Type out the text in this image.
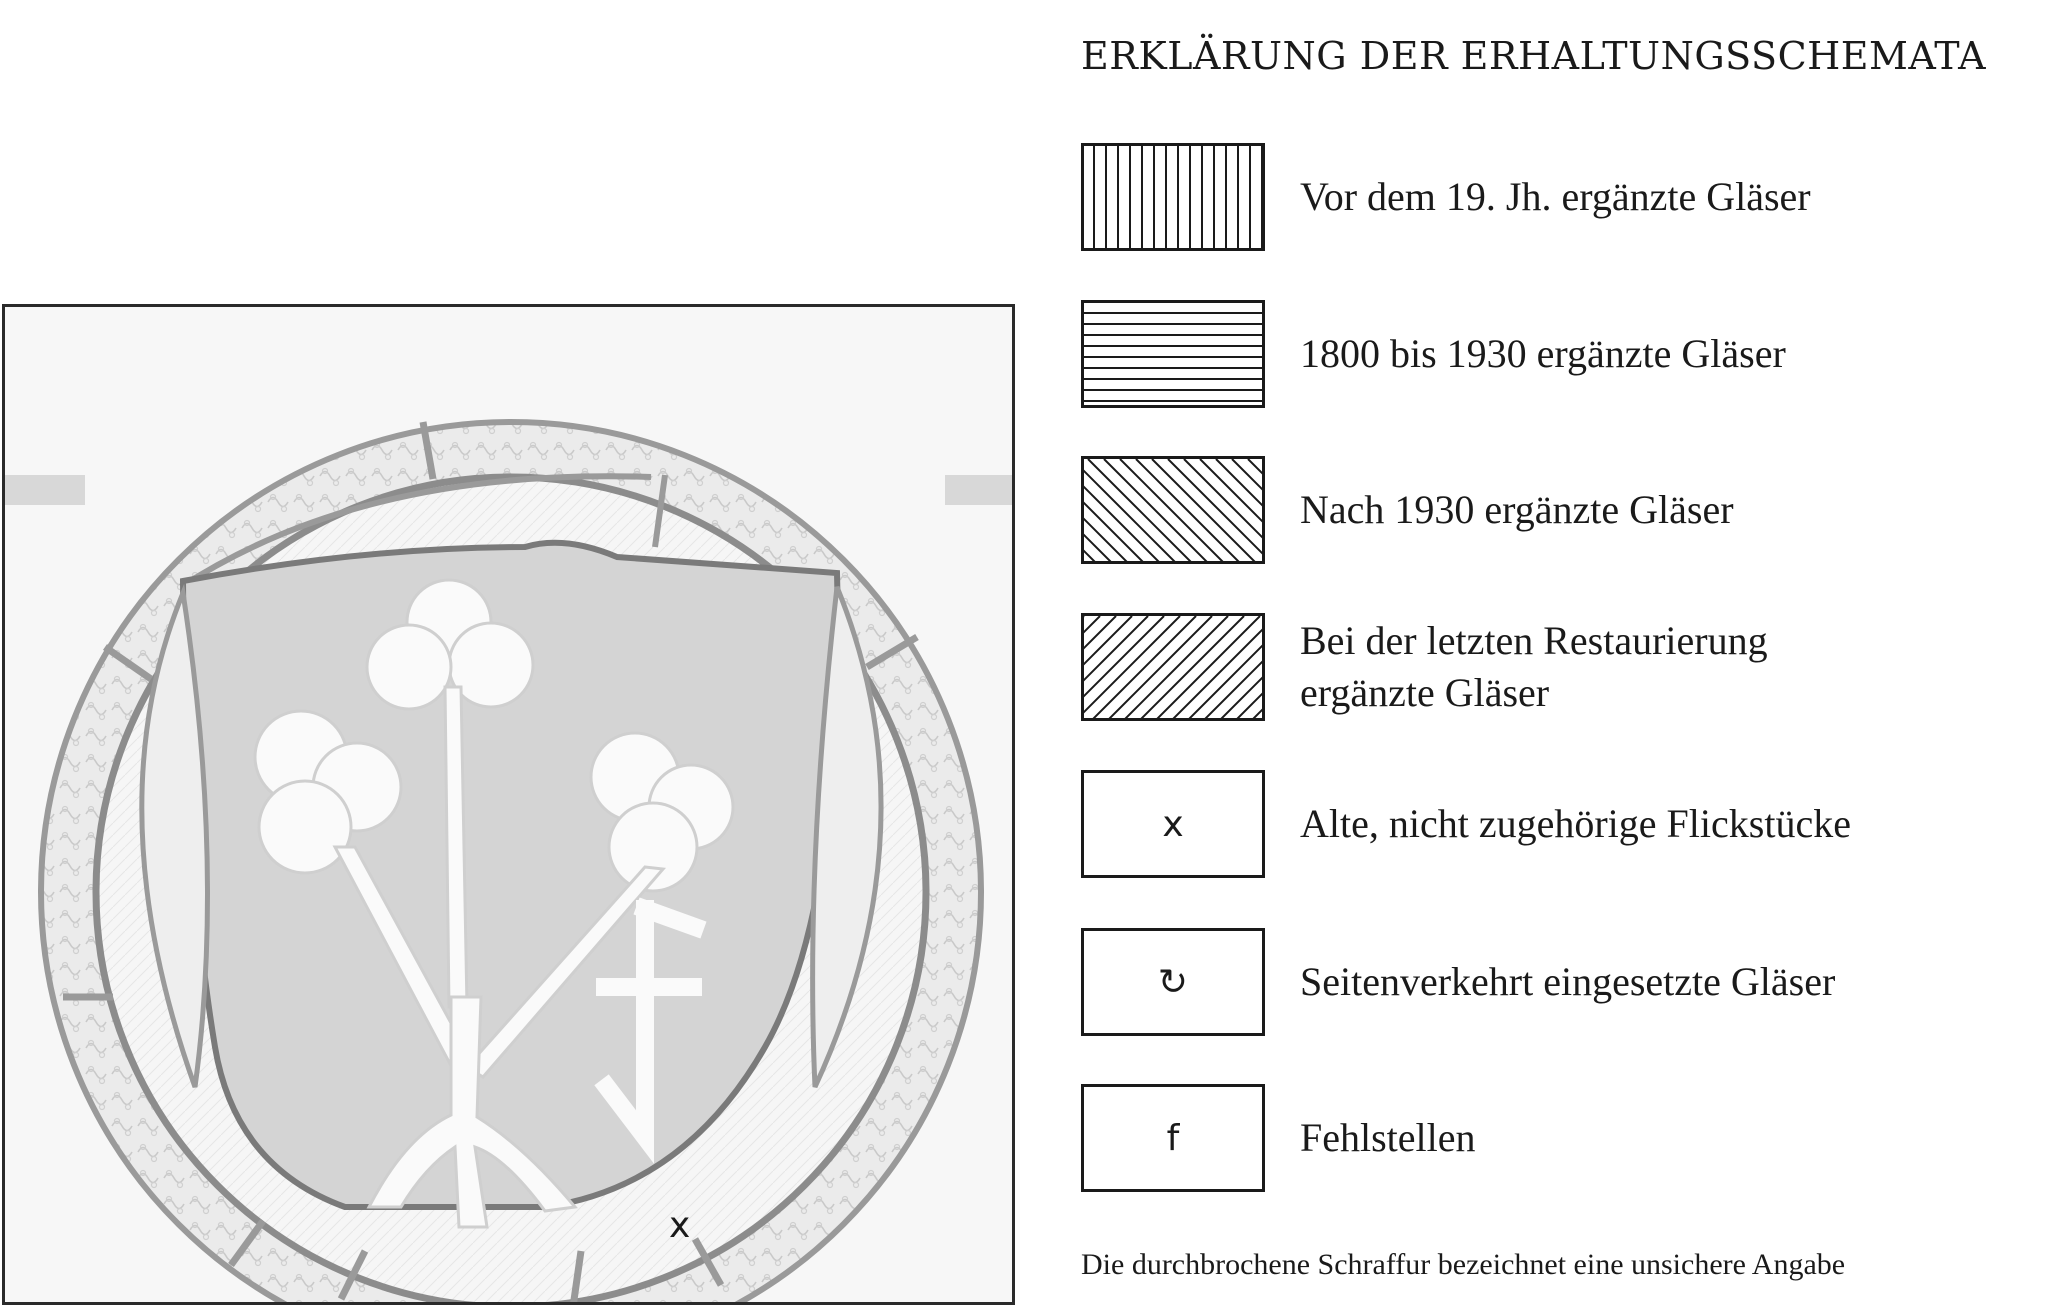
x
ERKLÄRUNG DER ERHALTUNGSSCHEMATA
Vor dem 19. Jh. ergänzte Gläser
1800 bis 1930 ergänzte Gläser
Nach 1930 ergänzte Gläser
Bei der letzten Restaurierung
ergänzte Gläser
x	Alte, nicht zugehörige Flickstücke
↻	Seitenverkehrt eingesetzte Gläser
f	Fehlstellen
Die durchbrochene Schraffur bezeichnet eine unsichere Angabe
